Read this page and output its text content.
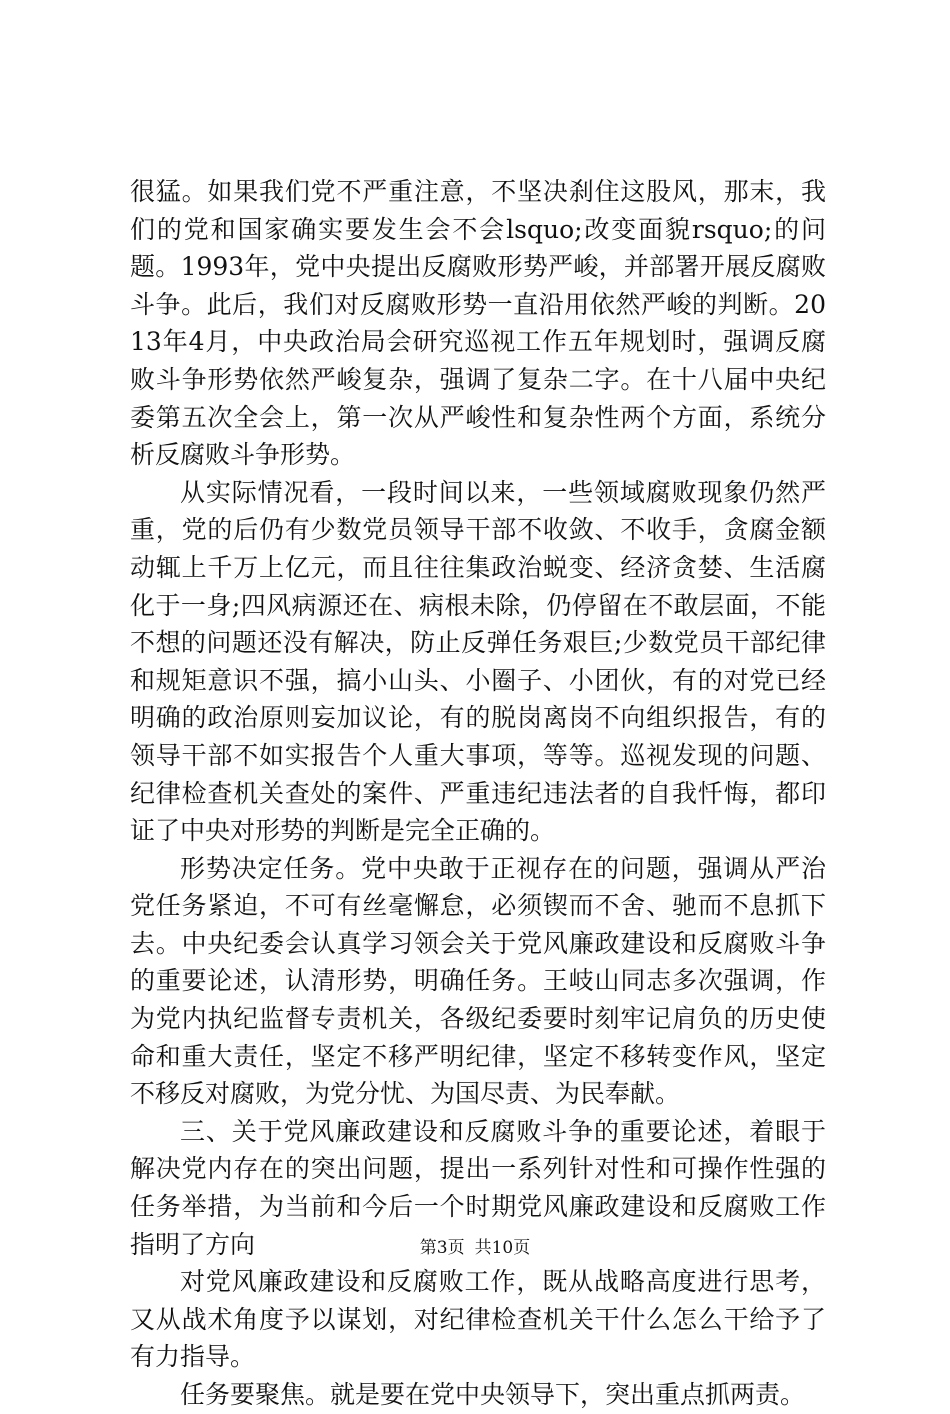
很猛。如果我们党不严重注意，不坚决刹住这股风，那末，我们的党和国家确实要发生会不会lsquo;改变面貌rsquo;的问题。1993年，党中央提出反腐败形势严峻，并部署开展反腐败斗争。此后，我们对反腐败形势一直沿用依然严峻的判断。2013年4月，中央政治局会研究巡视工作五年规划时，强调反腐败斗争形势依然严峻复杂，强调了复杂二字。在十八届中央纪委第五次全会上，第一次从严峻性和复杂性两个方面，系统分析反腐败斗争形势。

从实际情况看，一段时间以来，一些领域腐败现象仍然严重，党的后仍有少数党员领导干部不收敛、不收手，贪腐金额动辄上千万上亿元，而且往往集政治蜕变、经济贪婪、生活腐化于一身;四风病源还在、病根未除，仍停留在不敢层面，不能不想的问题还没有解决，防止反弹任务艰巨;少数党员干部纪律和规矩意识不强，搞小山头、小圈子、小团伙，有的对党已经明确的政治原则妄加议论，有的脱岗离岗不向组织报告，有的领导干部不如实报告个人重大事项，等等。巡视发现的问题、纪律检查机关查处的案件、严重违纪违法者的自我忏悔，都印证了中央对形势的判断是完全正确的。

形势决定任务。党中央敢于正视存在的问题，强调从严治党任务紧迫，不可有丝毫懈怠，必须锲而不舍、驰而不息抓下去。中央纪委会认真学习领会关于党风廉政建设和反腐败斗争的重要论述，认清形势，明确任务。王岐山同志多次强调，作为党内执纪监督专责机关，各级纪委要时刻牢记肩负的历史使命和重大责任，坚定不移严明纪律，坚定不移转变作风，坚定不移反对腐败，为党分忧、为国尽责、为民奉献。

三、关于党风廉政建设和反腐败斗争的重要论述，着眼于解决党内存在的突出问题，提出一系列针对性和可操作性强的任务举措，为当前和今后一个时期党风廉政建设和反腐败工作指明了方向

对党风廉政建设和反腐败工作，既从战略高度进行思考，又从战术角度予以谋划，对纪律检查机关干什么怎么干给予了有力指导。

任务要聚焦。就是要在党中央领导下，突出重点抓两责。

第3页 共10页
